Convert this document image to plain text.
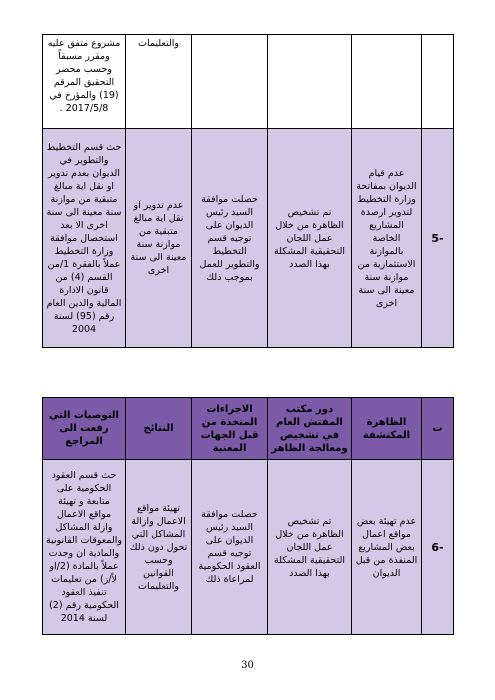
				والتعليمات	مشروع متفق عليه ومقرر مسبقاً وحسب محضر التحقيق المرقم (19) والمؤرخ في 2017/5/8 .
-5	عدم قيام الديوان بمفاتحة وزارة التخطيط لتدوير ارصدة المشاريع الخاصة بالموازنة الاستثمارية من موازنة سنة معينة الى سنة اخرى	تم تشخيص الظاهرة من خلال عمل اللجان التحقيقية المشكلة بهذا الصدد	حصلت موافقة السيد رئيس الديوان على توجيه قسم التخطيط والتطوير للعمل بموجب ذلك	عدم تدوير او نقل اية مبالغ متبقية من موازنة سنة معينة الى سنة اخرى	حث قسم التخطيط والتطوير في الديوان بعدم تدوير او نقل اية مبالغ متبقية من موازنة سنة معينة الى سنة اخرى الا بعد استحصال موافقة وزارة التخطيط عملاً بالفقرة 1/من القسم (4) من قانون الادارة المالية والدين العام رقم (95) لسنة 2004
ت	الظاهرة المكتشفة	دور مكتب المفتش العام في تشخيص ومعالجة الظاهر	الاجراءات المتخذة من قبل الجهات المعنية	النتائج	التوصيات التي رفعت الى المراجع
-6	عدم تهيئة بعض مواقع اعمال بعض المشاريع المنفذة من قبل الديوان	تم تشخيص الظاهرة من خلال عمل اللجان التحقيقية المشكلة بهذا الصدد	حصلت موافقة السيد رئيس الديوان على توجيه قسم العقود الحكومية لمراعاة ذلك	تهيئة مواقع الاعمال وازالة المشاكل التي تحول دون ذلك وحسب القوانين والتعليمات	حث قسم العقود الحكومية على متابعة و تهيئة مواقع الاعمال وازلة المشاكل والمعوقات القانونية والمادية ان وجدت عملاً بالمادة (2/او لاً/ز) من تعليمات تنفيذ العقود الحكومية رقم (2) لسنة 2014
30
